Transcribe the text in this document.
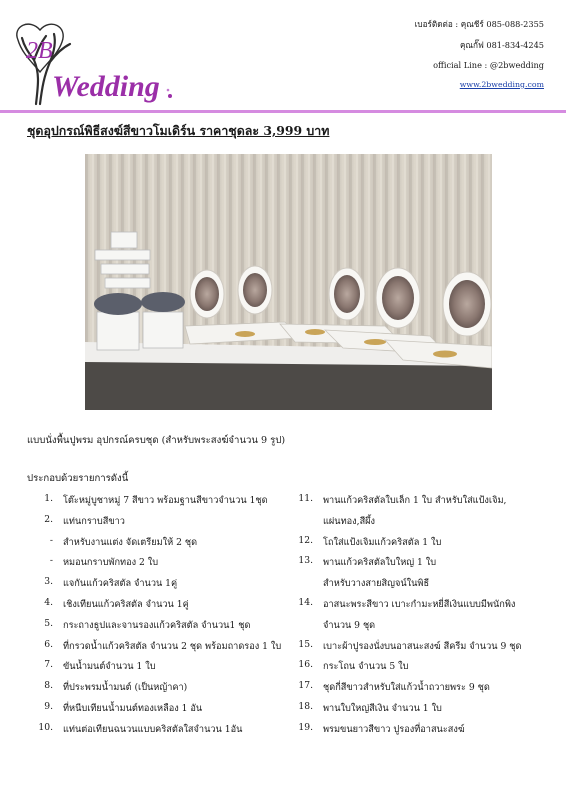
2B
Wedding
เบอร์ติดต่อ : คุณชีร์ 085-088-2355
คุณกั๊ฟ 081-834-4245
official Line : @2bwedding
www.2bwedding.com
ชุดอุปกรณ์พิธีสงฆ์สีขาวโมเดิร์น ราคาชุดละ 3,999 บาท
แบบนั่งพื้นปูพรม อุปกรณ์ครบชุด (สำหรับพระสงฆ์จำนวน 9 รูป)
ประกอบด้วยรายการดังนี้
1. โต๊ะหมู่บูชาหมู่ 7 สีขาว พร้อมฐานสีขาวจำนวน 1ชุด
2. แท่นกราบสีขาว
- สำหรับงานแต่ง จัดเตรียมให้ 2 ชุด
- หมอนกราบพักทอง 2 ใบ
3. แจกันแก้วคริสตัล จำนวน 1คู่
4. เชิงเทียนแก้วคริสตัล จำนวน 1คู่
5. กระถางธูปและจานรองแก้วคริสตัล จำนวน1 ชุด
6. ที่กรวดน้ำแก้วคริสตัล จำนวน 2 ชุด พร้อมถาดรอง 1 ใบ
7. ขันน้ำมนต์จำนวน 1 ใบ
8. ที่ประพรมน้ำมนต์ (เป็นหญ้าคา)
9. ที่หนีบเทียนน้ำมนต์ทองเหลือง 1 อัน
10. แท่นต่อเทียนฉนวนแบบคริสตัลใสจำนวน 1อัน
11. พานแก้วคริสตัลใบเล็ก 1 ใบ สำหรับใส่แป้งเจิม,
แผ่นทอง,สีผึ้ง
12. โถใส่แป้งเจิมแก้วคริสตัล 1 ใบ
13. พานแก้วคริสตัลใบใหญ่ 1 ใบ
สำหรับวางสายสิญจน์ในพิธี
14. อาสนะพระสีขาว เบาะกำมะหยี่สีเงินแบบมีพนักพิง
จำนวน 9 ชุด
15. เบาะผ้าปูรองนั่งบนอาสนะสงฆ์ สีครีม จำนวน 9 ชุด
16. กระโถน จำนวน 5 ใบ
17. ชุดกี่สีขาวสำหรับใส่แก้วน้ำถวายพระ 9 ชุด
18. พานใบใหญ่สีเงิน จำนวน 1 ใบ
19. พรมขนยาวสีขาว ปูรองที่อาสนะสงฆ์
